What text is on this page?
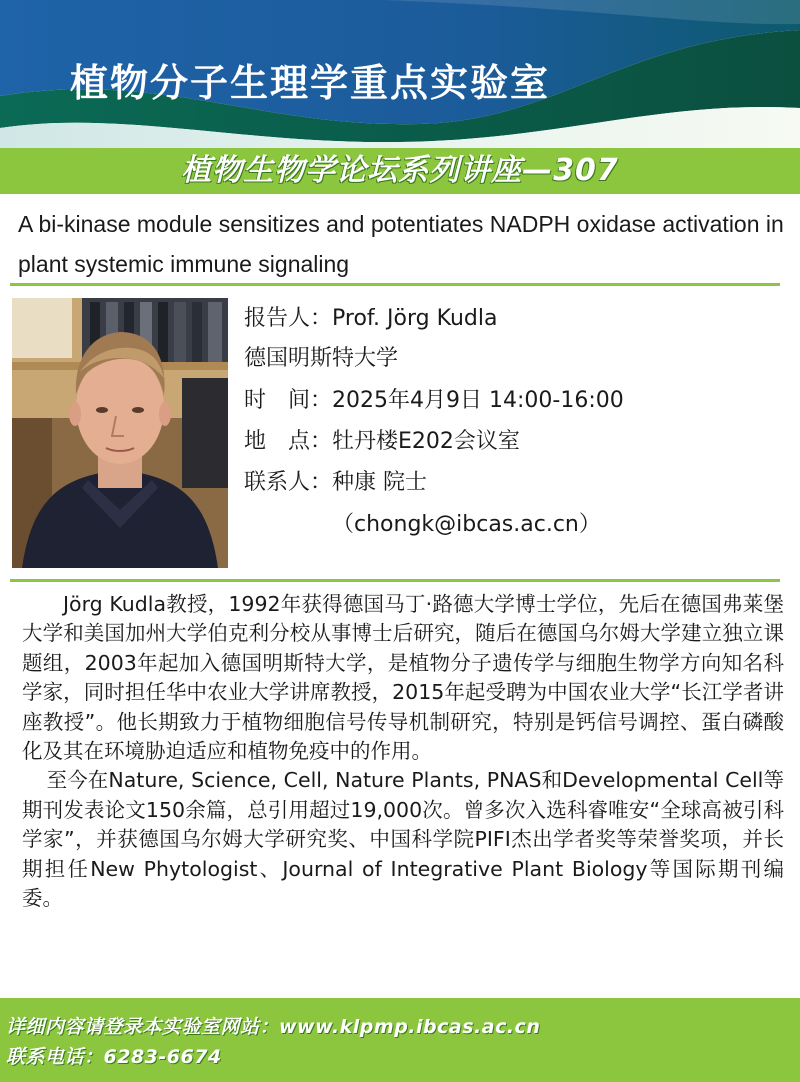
植物分子生理学重点实验室
植物生物学论坛系列讲座—307
A bi-kinase module sensitizes and potentiates NADPH oxidase activation in plant systemic immune signaling
报告人：Prof. Jörg Kudla
德国明斯特大学
时　间：2025年4月9日 14:00-16:00
地　点：牡丹楼E202会议室
联系人：种康 院士
（chongk@ibcas.ac.cn）

Jörg Kudla教授，1992年获得德国马丁·路德大学博士学位，先后在德国弗莱堡大学和美国加州大学伯克利分校从事博士后研究，随后在德国乌尔姆大学建立独立课题组，2003年起加入德国明斯特大学，是植物分子遗传学与细胞生物学方向知名科学家，同时担任华中农业大学讲席教授，2015年起受聘为中国农业大学“长江学者讲座教授”。他长期致力于植物细胞信号传导机制研究，特别是钙信号调控、蛋白磷酸化及其在环境胁迫适应和植物免疫中的作用。

至今在Nature, Science, Cell, Nature Plants, PNAS和Developmental Cell等期刊发表论文150余篇，总引用超过19,000次。曾多次入选科睿唯安“全球高被引科学家”，并获德国乌尔姆大学研究奖、中国科学院PIFI杰出学者奖等荣誉奖项，并长期担任New Phytologist、Journal of Integrative Plant Biology等国际期刊编委。

详细内容请登录本实验室网站：www.klpmp.ibcas.ac.cn
联系电话：6283-6674
